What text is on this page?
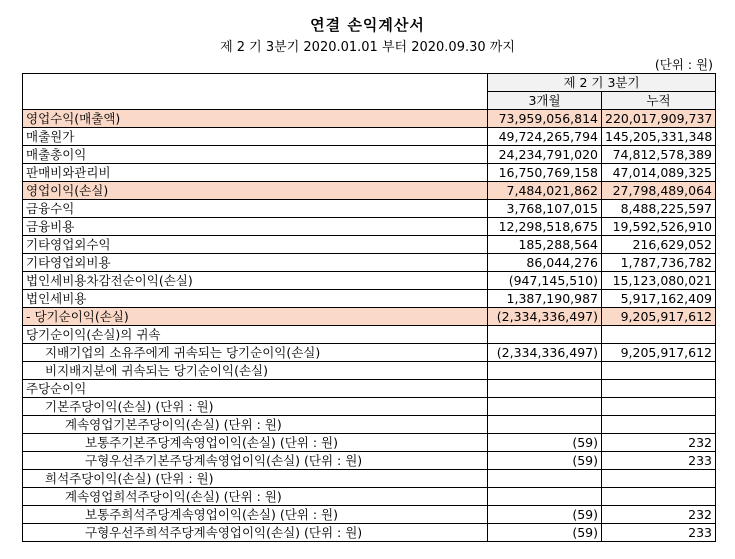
연결 손익계산서
제 2 기 3분기 2020.01.01 부터 2020.09.30 까지
(단위 : 원)
	제 2 기 3분기	
	3개월	누적
영업수익(매출액)	73,959,056,814	220,017,909,737
매출원가	49,724,265,794	145,205,331,348
매출총이익	24,234,791,020	74,812,578,389
판매비와관리비	16,750,769,158	47,014,089,325
영업이익(손실)	7,484,021,862	27,798,489,064
금융수익	3,768,107,015	8,488,225,597
금융비용	12,298,518,675	19,592,526,910
기타영업외수익	185,288,564	216,629,052
기타영업외비용	86,044,276	1,787,736,782
법인세비용차감전순이익(손실)	(947,145,510)	15,123,080,021
법인세비용	1,387,190,987	5,917,162,409
- 당기순이익(손실)	(2,334,336,497)	9,205,917,612
당기순이익(손실)의 귀속		
지배기업의 소유주에게 귀속되는 당기순이익(손실)	(2,334,336,497)	9,205,917,612
비지배지분에 귀속되는 당기순이익(손실)		
주당순이익		
기본주당이익(손실) (단위 : 원)		
계속영업기본주당이익(손실) (단위 : 원)		
보통주기본주당계속영업이익(손실) (단위 : 원)	(59)	232
구형우선주기본주당계속영업이익(손실) (단위 : 원)	(59)	233
희석주당이익(손실) (단위 : 원)		
계속영업희석주당이익(손실) (단위 : 원)		
보통주희석주당계속영업이익(손실) (단위 : 원)	(59)	232
구형우선주희석주당계속영업이익(손실) (단위 : 원)	(59)	233
